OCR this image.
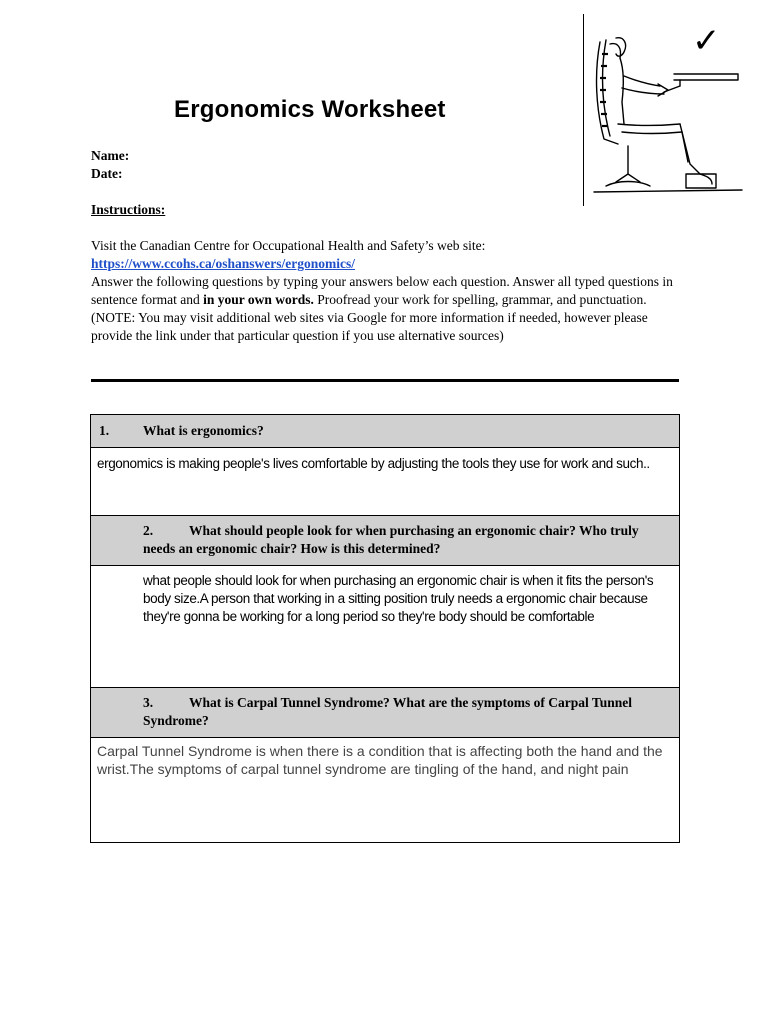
✓
Ergonomics Worksheet
Name:
Date:
Instructions:
Visit the Canadian Centre for Occupational Health and Safety’s web site:
https://www.ccohs.ca/oshanswers/ergonomics/
Answer the following questions by typing your answers below each question. Answer all typed questions in sentence format and in your own words. Proofread your work for spelling, grammar, and punctuation. (NOTE: You may visit additional web sites via Google for more information if needed, however please provide the link under that particular question if you use alternative sources)
1.	What is ergonomics?
ergonomics is making people's lives comfortable by adjusting the tools they use for work and such..
2.	What should people look for when purchasing an ergonomic chair? Who truly needs an ergonomic chair? How is this determined?
what people should look for when purchasing an ergonomic chair is when it fits the person's body size.A person that working in a sitting position truly needs a ergonomic chair because they're gonna be working for a long period so they're body should be comfortable
3.	What is Carpal Tunnel Syndrome? What are the symptoms of Carpal Tunnel Syndrome?
Carpal Tunnel Syndrome is when there is a condition that is affecting both the hand and the wrist.The symptoms of carpal tunnel syndrome are tingling of the hand, and night pain
